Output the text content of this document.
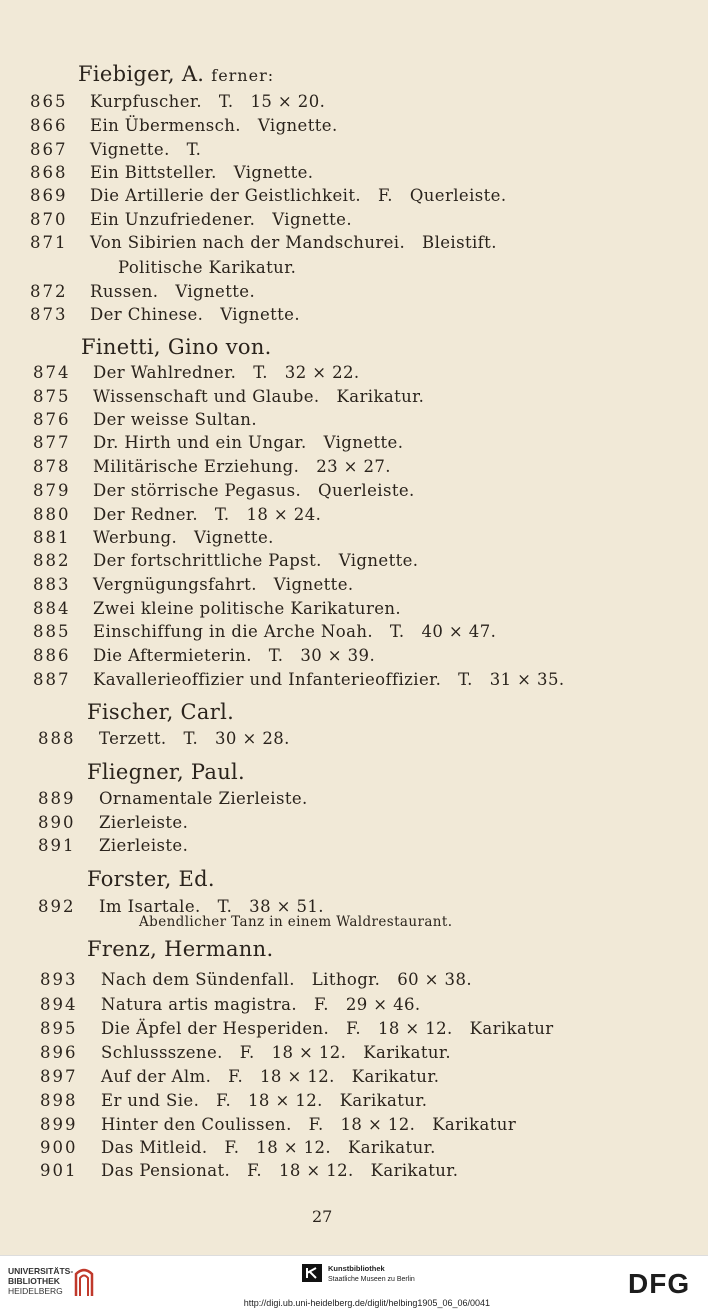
Fiebiger, A. ferner:
865	Kurpfuscher.   T.   15 × 20.
866	Ein Übermensch.   Vignette.
867	Vignette.   T.
868	Ein Bittsteller.   Vignette.
869	Die Artillerie der Geistlichkeit.   F.   Querleiste.
870	Ein Unzufriedener.   Vignette.
871	Von Sibirien nach der Mandschurei.   Bleistift.
Politische Karikatur.
872	Russen.   Vignette.
873	Der Chinese.   Vignette.
Finetti, Gino von.
874	Der Wahlredner.   T.   32 × 22.
875	Wissenschaft und Glaube.   Karikatur.
876	Der weisse Sultan.
877	Dr. Hirth und ein Ungar.   Vignette.
878	Militärische Erziehung.   23 × 27.
879	Der störrische Pegasus.   Querleiste.
880	Der Redner.   T.   18 × 24.
881	Werbung.   Vignette.
882	Der fortschrittliche Papst.   Vignette.
883	Vergnügungsfahrt.   Vignette.
884	Zwei kleine politische Karikaturen.
885	Einschiffung in die Arche Noah.   T.   40 × 47.
886	Die Aftermieterin.   T.   30 × 39.
887	Kavallerieoffizier und Infanterieoffizier.   T.   31 × 35.
Fischer, Carl.
888	Terzett.   T.   30 × 28.
Fliegner, Paul.
889	Ornamentale Zierleiste.
890	Zierleiste.
891	Zierleiste.
Forster, Ed.
892	Im Isartale.   T.   38 × 51.
Abendlicher Tanz in einem Waldrestaurant.
Frenz, Hermann.
893	Nach dem Sündenfall.   Lithogr.   60 × 38.
894	Natura artis magistra.   F.   29 × 46.
895	Die Äpfel der Hesperiden.   F.   18 × 12.   Karikatur
896	Schlussszene.   F.   18 × 12.   Karikatur.
897	Auf der Alm.   F.   18 × 12.   Karikatur.
898	Er und Sie.   F.   18 × 12.   Karikatur.
899	Hinter den Coulissen.   F.   18 × 12.   Karikatur
900	Das Mitleid.   F.   18 × 12.   Karikatur.
901	Das Pensionat.   F.   18 × 12.   Karikatur.
27
UNIVERSITÄTS-
BIBLIOTHEK
HEIDELBERG
Kunstbibliothek
Staatliche Museen zu Berlin	DFG
http://digi.ub.uni-heidelberg.de/diglit/helbing1905_06_06/0041
